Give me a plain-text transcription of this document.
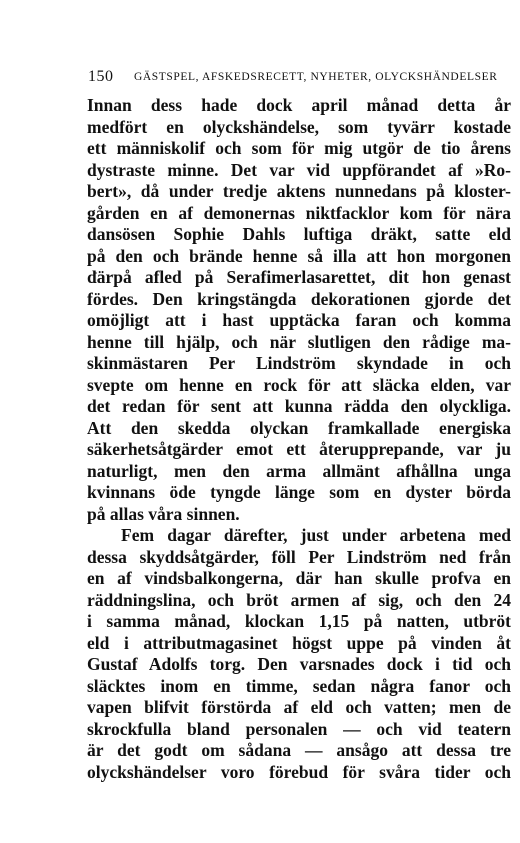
150 GÄSTSPEL, AFSKEDSRECETT, NYHETER, OLYCKSHÄNDELSER
Innan dess hade dock april månad detta år
medfört en olyckshändelse, som tyvärr kostade
ett människolif och som för mig utgör de tio årens
dystraste minne. Det var vid uppförandet af »Ro-
bert», då under tredje aktens nunnedans på kloster-
gården en af demonernas niktfacklor kom för nära
dansösen Sophie Dahls luftiga dräkt, satte eld
på den och brände henne så illa att hon morgonen
därpå afled på Serafimerlasarettet, dit hon genast
fördes. Den kringstängda dekorationen gjorde det
omöjligt att i hast upptäcka faran och komma
henne till hjälp, och när slutligen den rådige ma-
skinmästaren Per Lindström skyndade in och
svepte om henne en rock för att släcka elden, var
det redan för sent att kunna rädda den olyckliga.
Att den skedda olyckan framkallade energiska
säkerhetsåtgärder emot ett återupprepande, var ju
naturligt, men den arma allmänt afhållna unga
kvinnans öde tyngde länge som en dyster börda
på allas våra sinnen.
Fem dagar därefter, just under arbetena med
dessa skyddsåtgärder, föll Per Lindström ned från
en af vindsbalkongerna, där han skulle profva en
räddningslina, och bröt armen af sig, och den 24
i samma månad, klockan 1,15 på natten, utbröt
eld i attributmagasinet högst uppe på vinden åt
Gustaf Adolfs torg. Den varsnades dock i tid och
släcktes inom en timme, sedan några fanor och
vapen blifvit förstörda af eld och vatten; men de
skrockfulla bland personalen — och vid teatern
är det godt om sådana — ansågo att dessa tre
olyckshändelser voro förebud för svåra tider och
